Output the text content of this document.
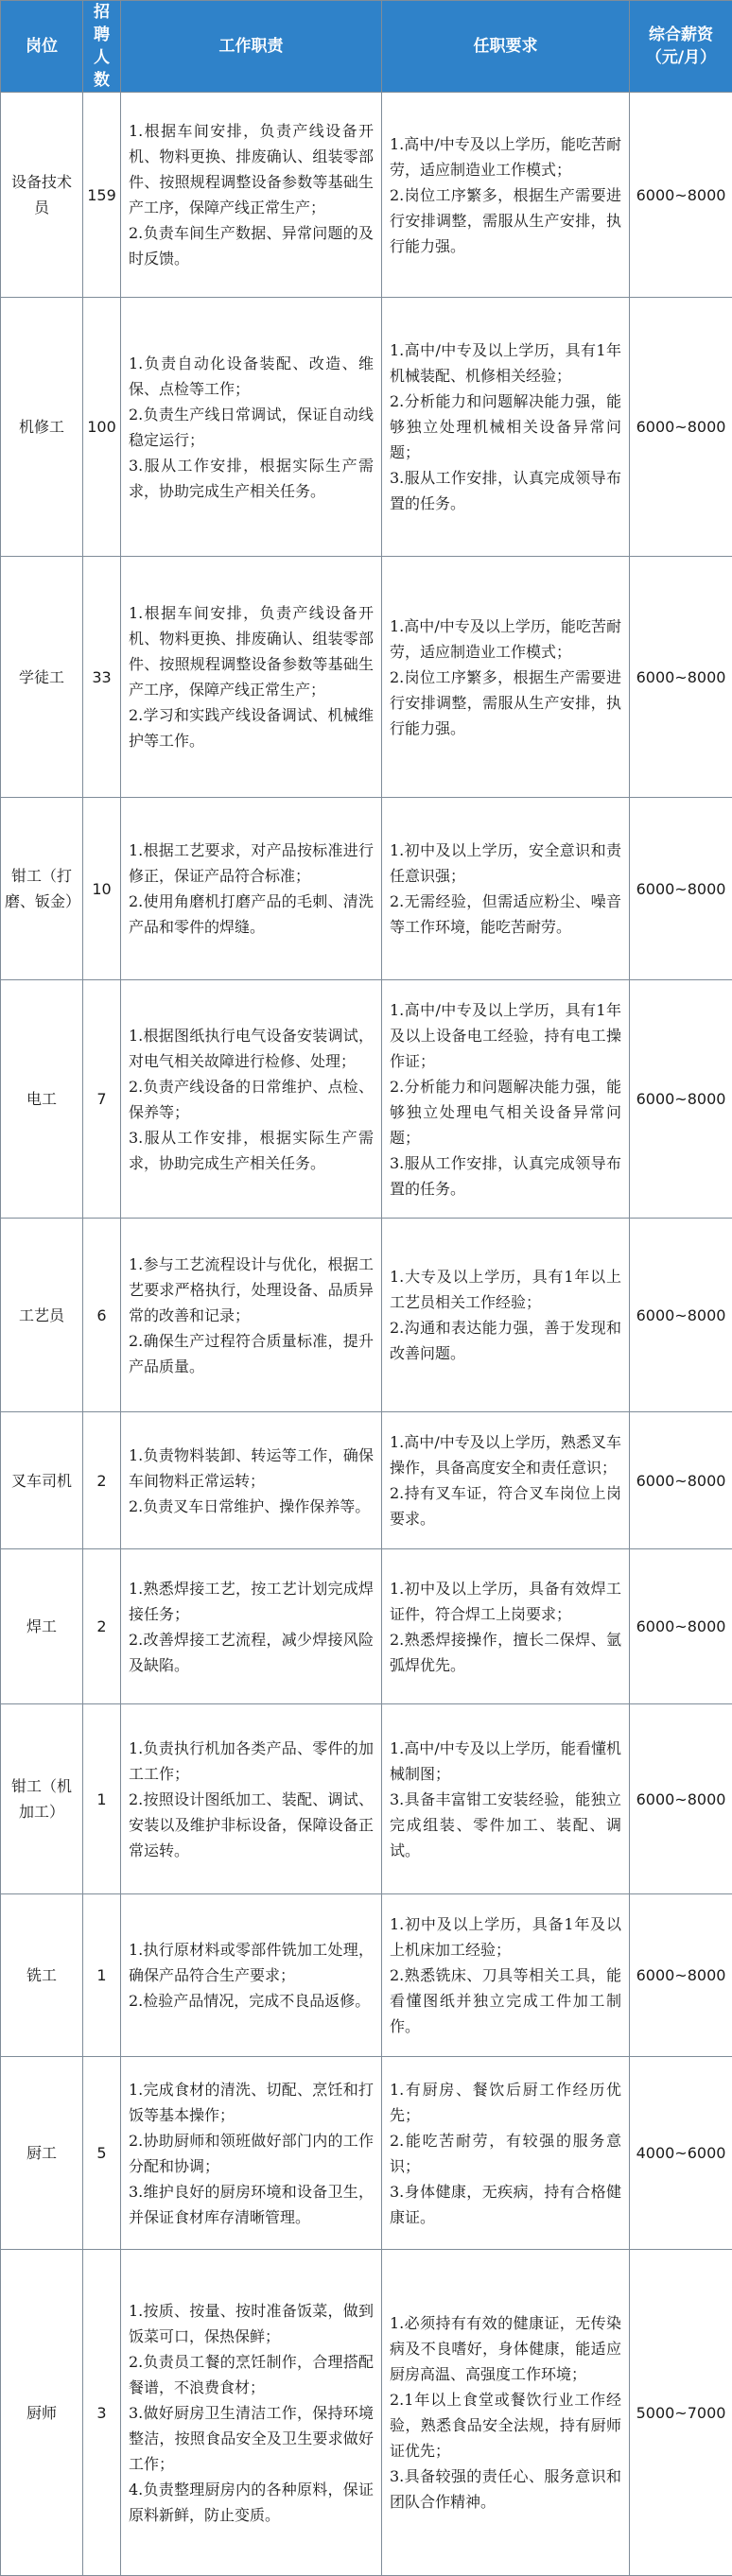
岗位	招聘人数	工作职责	任职要求	综合薪资（元/月）
设备技术员	159	1.根据车间安排，负责产线设备开机、物料更换、排废确认、组装零部件、按照规程调整设备参数等基础生产工序，保障产线正常生产；
2.负责车间生产数据、异常问题的及时反馈。	1.高中/中专及以上学历，能吃苦耐劳，适应制造业工作模式；
2.岗位工序繁多，根据生产需要进行安排调整，需服从生产安排，执行能力强。	6000~8000
机修工	100	1.负责自动化设备装配、改造、维保、点检等工作；
2.负责生产线日常调试，保证自动线稳定运行；
3.服从工作安排，根据实际生产需求，协助完成生产相关任务。	1.高中/中专及以上学历，具有1年机械装配、机修相关经验；
2.分析能力和问题解决能力强，能够独立处理机械相关设备异常问题；
3.服从工作安排，认真完成领导布置的任务。	6000~8000
学徒工	33	1.根据车间安排，负责产线设备开机、物料更换、排废确认、组装零部件、按照规程调整设备参数等基础生产工序，保障产线正常生产；
2.学习和实践产线设备调试、机械维护等工作。	1.高中/中专及以上学历，能吃苦耐劳，适应制造业工作模式；
2.岗位工序繁多，根据生产需要进行安排调整，需服从生产安排，执行能力强。	6000~8000
钳工（打磨、钣金）	10	1.根据工艺要求，对产品按标准进行修正，保证产品符合标准；
2.使用角磨机打磨产品的毛刺、清洗产品和零件的焊缝。	1.初中及以上学历，安全意识和责任意识强；
2.无需经验，但需适应粉尘、噪音等工作环境，能吃苦耐劳。	6000~8000
电工	7	1.根据图纸执行电气设备安装调试，对电气相关故障进行检修、处理；
2.负责产线设备的日常维护、点检、保养等；
3.服从工作安排，根据实际生产需求，协助完成生产相关任务。	1.高中/中专及以上学历，具有1年及以上设备电工经验，持有电工操作证；
2.分析能力和问题解决能力强，能够独立处理电气相关设备异常问题；
3.服从工作安排，认真完成领导布置的任务。	6000~8000
工艺员	6	1.参与工艺流程设计与优化，根据工艺要求严格执行，处理设备、品质异常的改善和记录；
2.确保生产过程符合质量标准，提升产品质量。	1.大专及以上学历，具有1年以上工艺员相关工作经验；
2.沟通和表达能力强，善于发现和改善问题。	6000~8000
叉车司机	2	1.负责物料装卸、转运等工作，确保车间物料正常运转；
2.负责叉车日常维护、操作保养等。	1.高中/中专及以上学历，熟悉叉车操作，具备高度安全和责任意识；
2.持有叉车证，符合叉车岗位上岗要求。	6000~8000
焊工	2	1.熟悉焊接工艺，按工艺计划完成焊接任务；
2.改善焊接工艺流程，减少焊接风险及缺陷。	1.初中及以上学历，具备有效焊工证件，符合焊工上岗要求；
2.熟悉焊接操作，擅长二保焊、氩弧焊优先。	6000~8000
钳工（机加工）	1	1.负责执行机加各类产品、零件的加工工作；
2.按照设计图纸加工、装配、调试、安装以及维护非标设备，保障设备正常运转。	1.高中/中专及以上学历，能看懂机械制图；
3.具备丰富钳工安装经验，能独立完成组装、零件加工、装配、调试。	6000~8000
铣工	1	1.执行原材料或零部件铣加工处理，确保产品符合生产要求；
2.检验产品情况，完成不良品返修。	1.初中及以上学历，具备1年及以上机床加工经验；
2.熟悉铣床、刀具等相关工具，能看懂图纸并独立完成工件加工制作。	6000~8000
厨工	5	1.完成食材的清洗、切配、烹饪和打饭等基本操作；
2.协助厨师和领班做好部门内的工作分配和协调；
3.维护良好的厨房环境和设备卫生，并保证食材库存清晰管理。	1.有厨房、餐饮后厨工作经历优先；
2.能吃苦耐劳，有较强的服务意识；
3.身体健康，无疾病，持有合格健康证。	4000~6000
厨师	3	1.按质、按量、按时准备饭菜，做到饭菜可口，保热保鲜；
2.负责员工餐的烹饪制作，合理搭配餐谱，不浪费食材；
3.做好厨房卫生清洁工作，保持环境整洁，按照食品安全及卫生要求做好工作；
4.负责整理厨房内的各种原料，保证原料新鲜，防止变质。	1.必须持有有效的健康证，无传染病及不良嗜好，身体健康，能适应厨房高温、高强度工作环境；
2.1年以上食堂或餐饮行业工作经验，熟悉食品安全法规，持有厨师证优先；
3.具备较强的责任心、服务意识和团队合作精神。	5000~7000
